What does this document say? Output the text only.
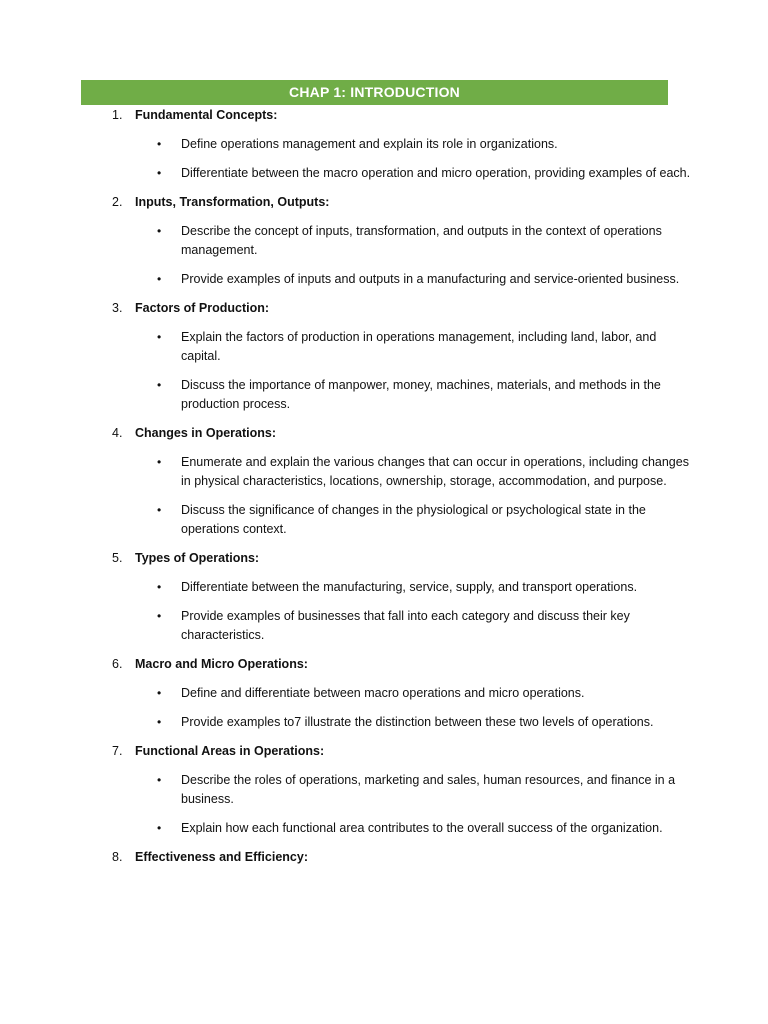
CHAP 1: INTRODUCTION
1.	Fundamental Concepts:
• Define operations management and explain its role in organizations.
• Differentiate between the macro operation and micro operation, providing examples of each.
2.	Inputs, Transformation, Outputs:
• Describe the concept of inputs, transformation, and outputs in the context of operations management.
• Provide examples of inputs and outputs in a manufacturing and service-oriented business.
3.	Factors of Production:
• Explain the factors of production in operations management, including land, labor, and capital.
• Discuss the importance of manpower, money, machines, materials, and methods in the production process.
4.	Changes in Operations:
• Enumerate and explain the various changes that can occur in operations, including changes in physical characteristics, locations, ownership, storage, accommodation, and purpose.
• Discuss the significance of changes in the physiological or psychological state in the operations context.
5.	Types of Operations:
• Differentiate between the manufacturing, service, supply, and transport operations.
• Provide examples of businesses that fall into each category and discuss their key characteristics.
6.	Macro and Micro Operations:
• Define and differentiate between macro operations and micro operations.
• Provide examples to7 illustrate the distinction between these two levels of operations.
7.	Functional Areas in Operations:
• Describe the roles of operations, marketing and sales, human resources, and finance in a business.
• Explain how each functional area contributes to the overall success of the organization.
8.	Effectiveness and Efficiency:
